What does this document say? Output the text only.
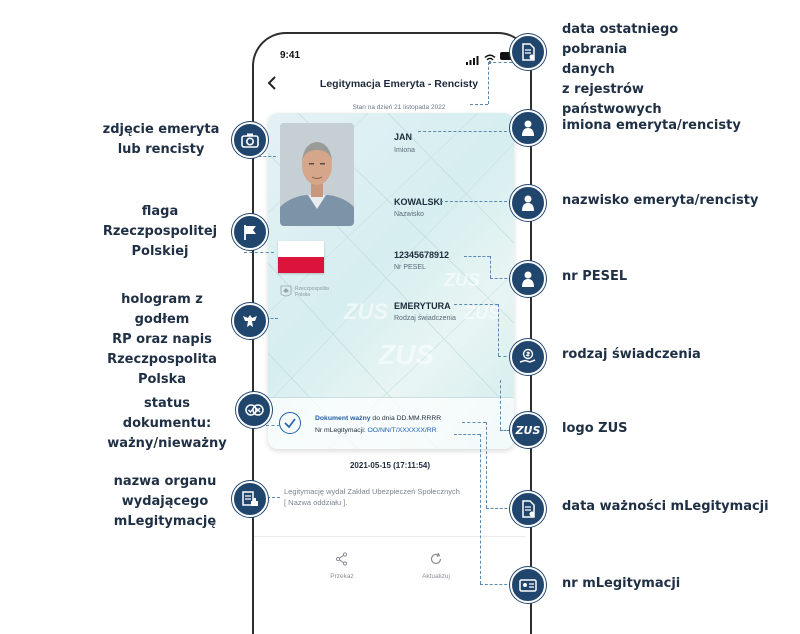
9:41
Legitymacja Emeryta - Rencisty
Stan na dzień 21 listopada 2022
2021-05-15 (17:11:54)
Legitymację wydał Zakład Ubezpieczeń Społecznych
[ Nazwa oddziału ].
Przekaż	Aktualizuj
Rzeczpospolita Polska
ZUS
ZUS
ZUS
ZUS
JAN
Imiona
KOWALSKI
Nazwisko
12345678912
Nr PESEL
EMERYTURA
Rodzaj świadczenia
Dokument ważny do dnia DD.MM.RRRR
Nr mLegitymacji: OO/NN/T/XXXXXX/RR	ZUS
zdjęcie emeryta
lub rencisty
flaga
Rzeczpospolitej
Polskiej
hologram z godłem
RP oraz napis
Rzeczpospolita Polska
status dokumentu:
ważny/nieważny
nazwa organu
wydającego
mLegitymację
data ostatniego
pobrania danych
z rejestrów
państwowych
imiona emeryta/rencisty
nazwisko emeryta/rencisty
nr PESEL
rodzaj świadczenia
logo ZUS
data ważności mLegitymacji
nr mLegitymacji
